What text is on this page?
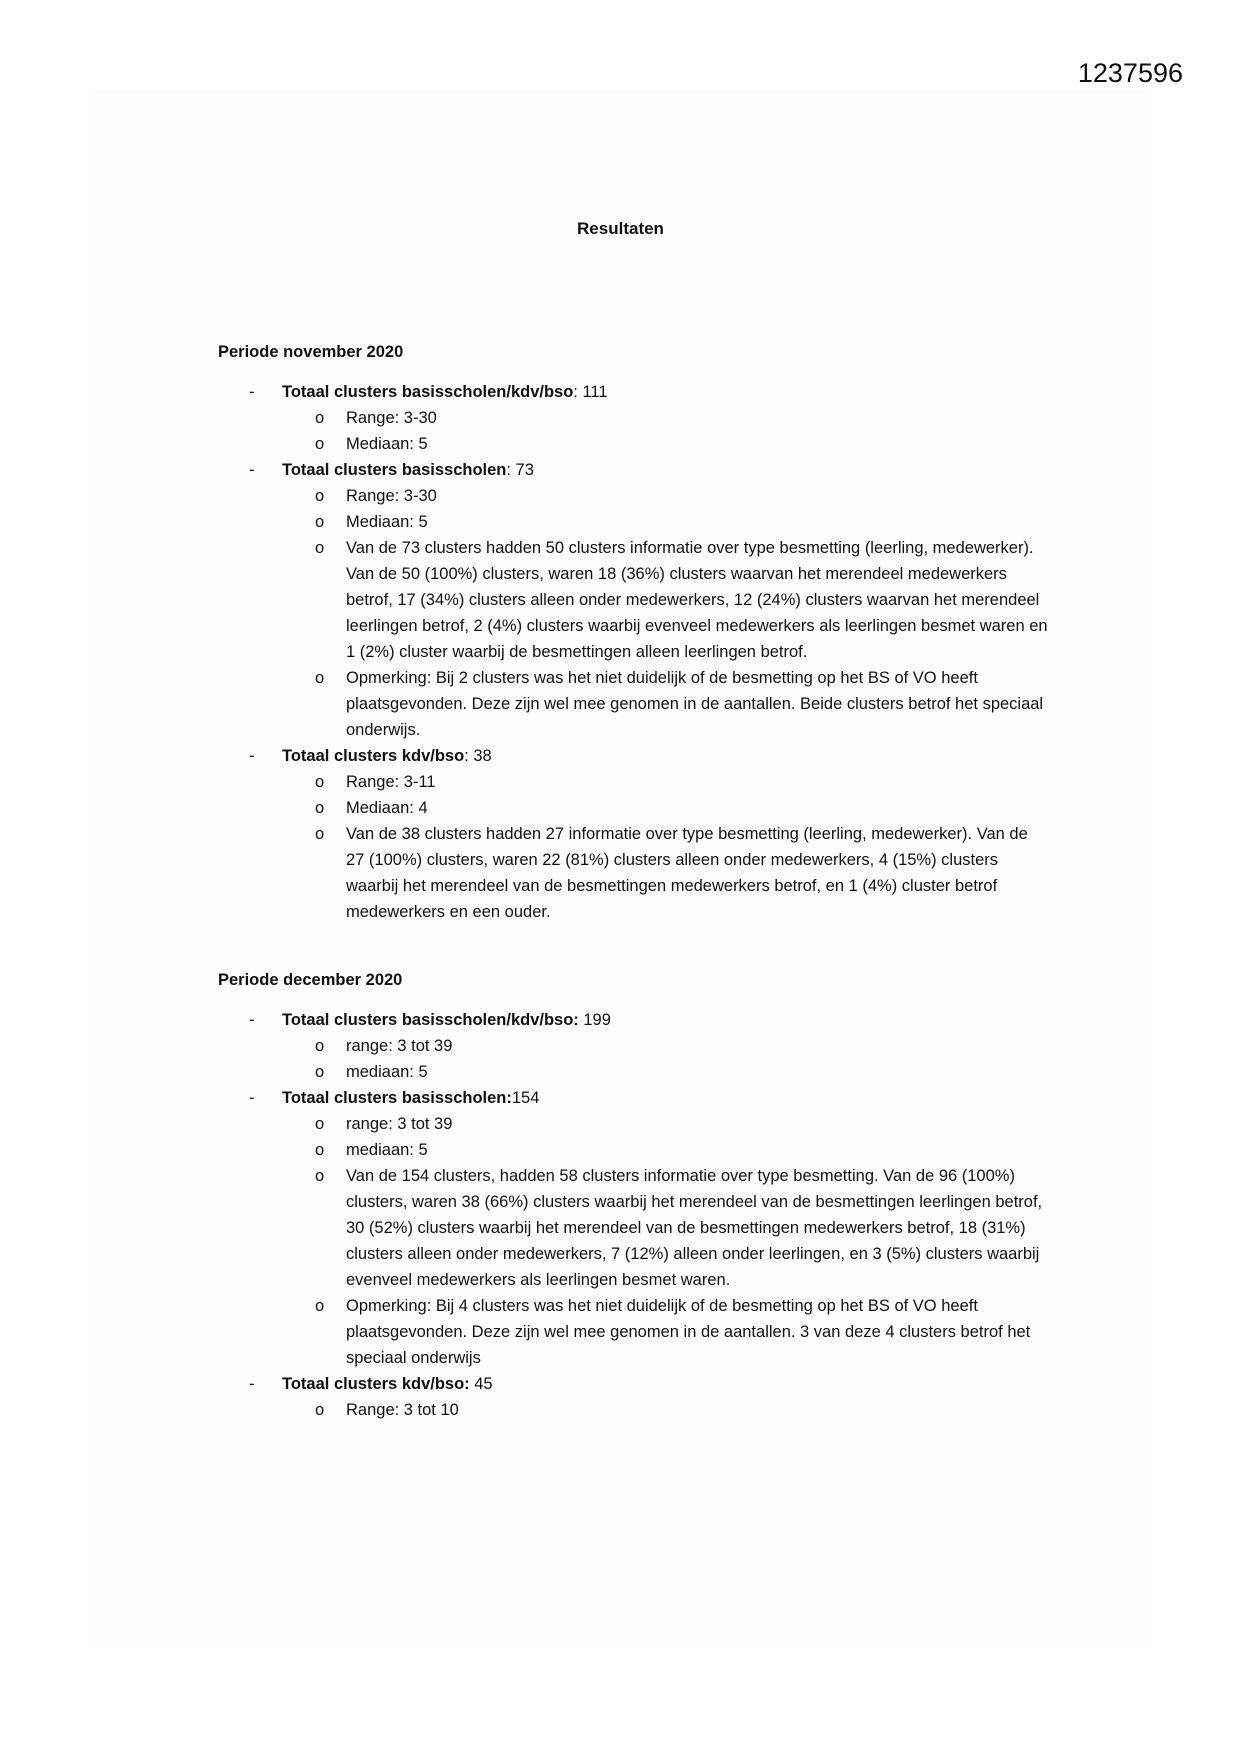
1237596
Resultaten

Periode november 2020

- Totaal clusters basisscholen/kdv/bso: 111
o Range: 3-30
o Mediaan: 5
- Totaal clusters basisscholen: 73
o Range: 3-30
o Mediaan: 5
o Van de 73 clusters hadden 50 clusters informatie over type besmetting (leerling, medewerker). Van de 50 (100%) clusters, waren 18 (36%) clusters waarvan het merendeel medewerkers betrof, 17 (34%) clusters alleen onder medewerkers, 12 (24%) clusters waarvan het merendeel leerlingen betrof, 2 (4%) clusters waarbij evenveel medewerkers als leerlingen besmet waren en 1 (2%) cluster waarbij de besmettingen alleen leerlingen betrof.
o Opmerking: Bij 2 clusters was het niet duidelijk of de besmetting op het BS of VO heeft plaatsgevonden. Deze zijn wel mee genomen in de aantallen. Beide clusters betrof het speciaal onderwijs.
- Totaal clusters kdv/bso: 38
o Range: 3-11
o Mediaan: 4
o Van de 38 clusters hadden 27 informatie over type besmetting (leerling, medewerker). Van de 27 (100%) clusters, waren 22 (81%) clusters alleen onder medewerkers, 4 (15%) clusters waarbij het merendeel van de besmettingen medewerkers betrof, en 1 (4%) cluster betrof medewerkers en een ouder.

Periode december 2020

- Totaal clusters basisscholen/kdv/bso: 199
o range: 3 tot 39
o mediaan: 5
- Totaal clusters basisscholen:154
o range: 3 tot 39
o mediaan: 5
o Van de 154 clusters, hadden 58 clusters informatie over type besmetting. Van de 96 (100%) clusters, waren 38 (66%) clusters waarbij het merendeel van de besmettingen leerlingen betrof, 30 (52%) clusters waarbij het merendeel van de besmettingen medewerkers betrof, 18 (31%) clusters alleen onder medewerkers, 7 (12%) alleen onder leerlingen, en 3 (5%) clusters waarbij evenveel medewerkers als leerlingen besmet waren.
o Opmerking: Bij 4 clusters was het niet duidelijk of de besmetting op het BS of VO heeft plaatsgevonden. Deze zijn wel mee genomen in de aantallen. 3 van deze 4 clusters betrof het speciaal onderwijs
- Totaal clusters kdv/bso: 45
o Range: 3 tot 10
